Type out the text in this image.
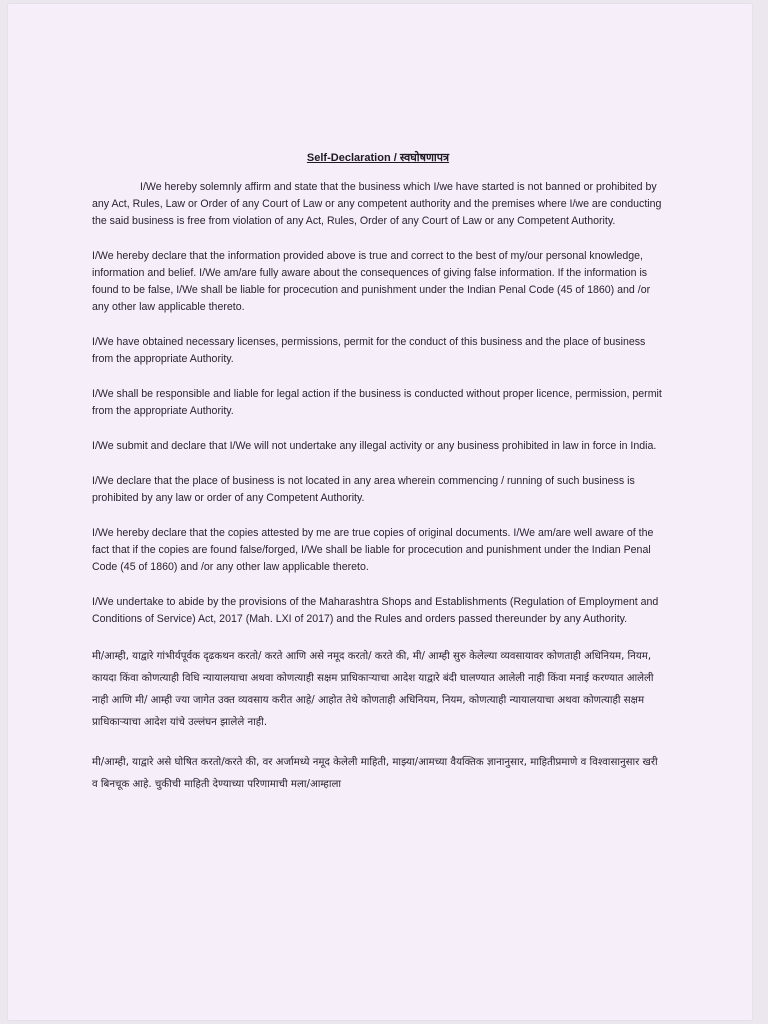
Self-Declaration / स्वघोषणापत्र

I/We hereby solemnly affirm and state that the business which I/we have started is not banned or prohibited by any Act, Rules, Law or Order of any Court of Law or any competent authority and the premises where I/we are conducting the said business is free from violation of any Act, Rules, Order of any Court of Law or any Competent Authority.

I/We hereby declare that the information provided above is true and correct to the best of my/our personal knowledge, information and belief. I/We am/are fully aware about the consequences of giving false information. If the information is found to be false, I/We shall be liable for procecution and punishment under the Indian Penal Code (45 of 1860) and /or any other law applicable thereto.

I/We have obtained necessary licenses, permissions, permit for the conduct of this business and the place of business from the appropriate Authority.

I/We shall be responsible and liable for legal action if the business is conducted without proper licence, permission, permit from the appropriate Authority.

I/We submit and declare that I/We will not undertake any illegal activity or any business prohibited in law in force in India.

I/We declare that the place of business is not located in any area wherein commencing / running of such business is prohibited by any law or order of any Competent Authority.

I/We hereby declare that the copies attested by me are true copies of original documents. I/We am/are well aware of the fact that if the copies are found false/forged, I/We shall be liable for procecution and punishment under the Indian Penal Code (45 of 1860) and /or any other law applicable thereto.

I/We undertake to abide by the provisions of the Maharashtra Shops and Establishments (Regulation of Employment and Conditions of Service) Act, 2017 (Mah. LXI of 2017) and the Rules and orders passed thereunder by any Authority.

मी/आम्ही, याद्वारे गांभीर्यपूर्वक दृढकथन करतो/ करते आणि असे नमूद करतो/ करते की, मी/ आम्ही सुरु केलेल्या व्यवसायावर कोणताही अधिनियम, नियम, कायदा किंवा कोणत्याही विधि न्यायालयाचा अथवा कोणत्याही सक्षम प्राधिकाऱ्याचा आदेश याद्वारे बंदी घालण्यात आलेली नाही किंवा मनाई करण्यात आलेली नाही आणि मी/ आम्ही ज्या जागेत उक्त व्यवसाय करीत आहे/ आहोत तेथे कोणताही अधिनियम, नियम, कोणत्याही न्यायालयाचा अथवा कोणत्याही सक्षम प्राधिकाऱ्याचा आदेश यांचे उल्लंघन झालेले नाही.

मी/आम्ही, याद्वारे असे घोषित करतो/करते की, वर अर्जामध्ये नमूद केलेली माहिती, माझ्या/आमच्या वैयक्तिक ज्ञानानुसार, माहितीप्रमाणे व विश्वासानुसार खरी व बिनचूक आहे. चुकीची माहिती देण्याच्या परिणामाची मला/आम्हाला
